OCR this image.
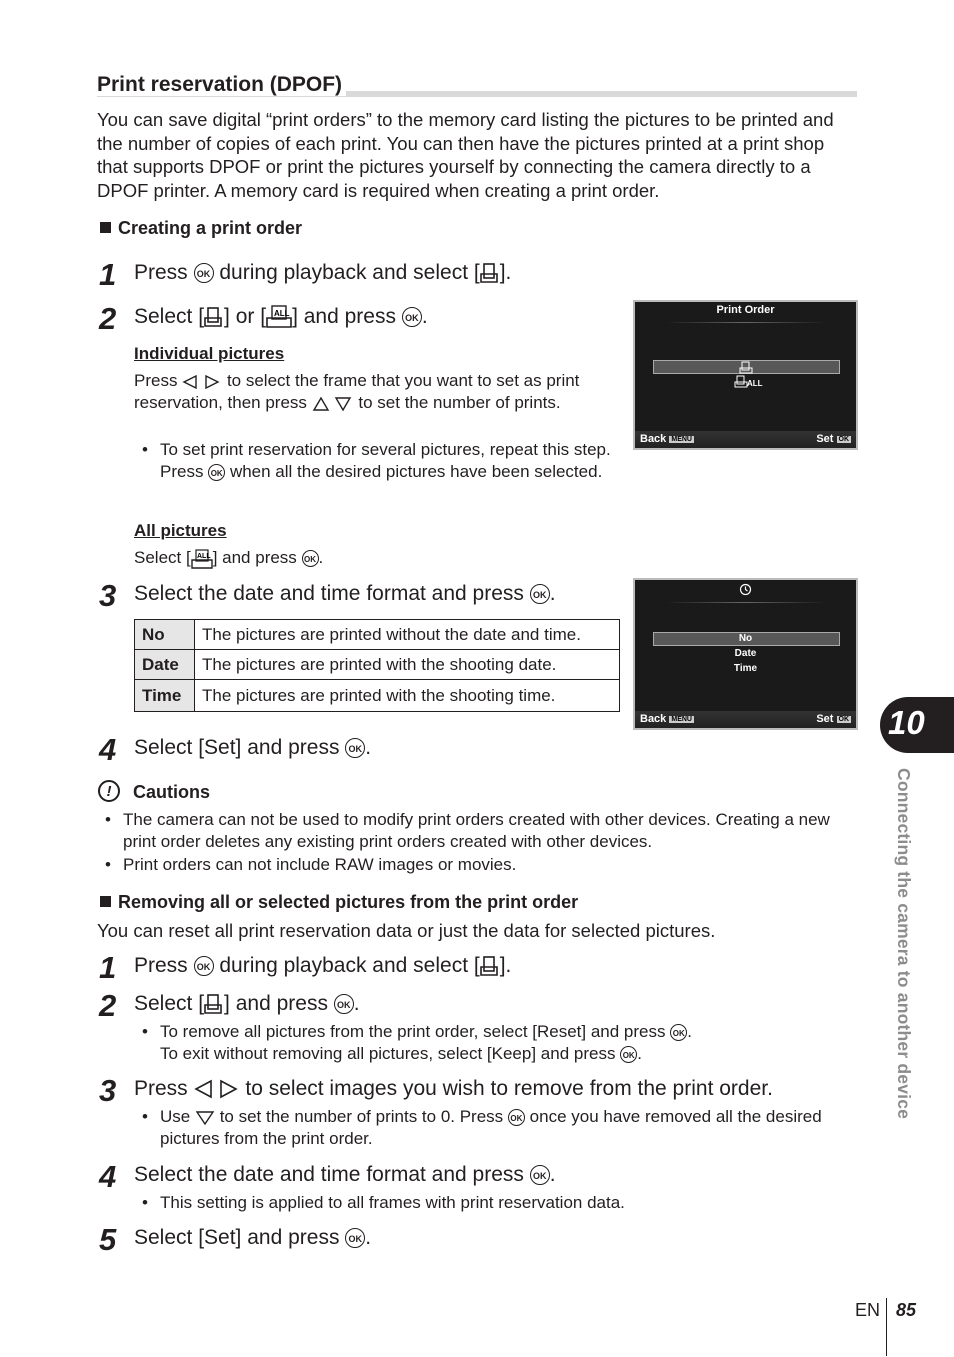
Print reservation (DPOF)
You can save digital “print orders” to the memory card listing the pictures to be printed and the number of copies of each print. You can then have the pictures printed at a print shop that supports DPOF or print the pictures yourself by connecting the camera directly to a DPOF printer. A memory card is required when creating a print order.
Creating a print order
1 Press OK during playback and select [ ].
2 Select [ ] or [ ALL ] and press OK .
Individual pictures
Press	to select the frame that you want to set as print reservation, then press	to set the number of prints.
• To set print reservation for several pictures, repeat this step. Press OK when all the desired pictures have been selected.
All pictures
Select [ ALL ] and press OK .
Print Order
ALL
Back MENU	Set OK
3 Select the date and time format and press OK .
No	The pictures are printed without the date and time.
Date	The pictures are printed with the shooting date.
Time	The pictures are printed with the shooting time.
No
Date
Time
Back MENU	Set OK
4 Select [Set] and press OK .
!	Cautions
• The camera can not be used to modify print orders created with other devices. Creating a new print order deletes any existing print orders created with other devices.
• Print orders can not include RAW images or movies.
Removing all or selected pictures from the print order
You can reset all print reservation data or just the data for selected pictures.
1 Press OK during playback and select [ ].
2 Select [ ] and press OK .
• To remove all pictures from the print order, select [Reset] and press OK .
To exit without removing all pictures, select [Keep] and press OK .
3 Press	to select images you wish to remove from the print order.
• Use to set the number of prints to 0. Press OK once you have removed all the desired pictures from the print order.
4 Select the date and time format and press OK .
• This setting is applied to all frames with print reservation data.
5 Select [Set] and press OK .
10
Connecting the camera to another device
EN 85
